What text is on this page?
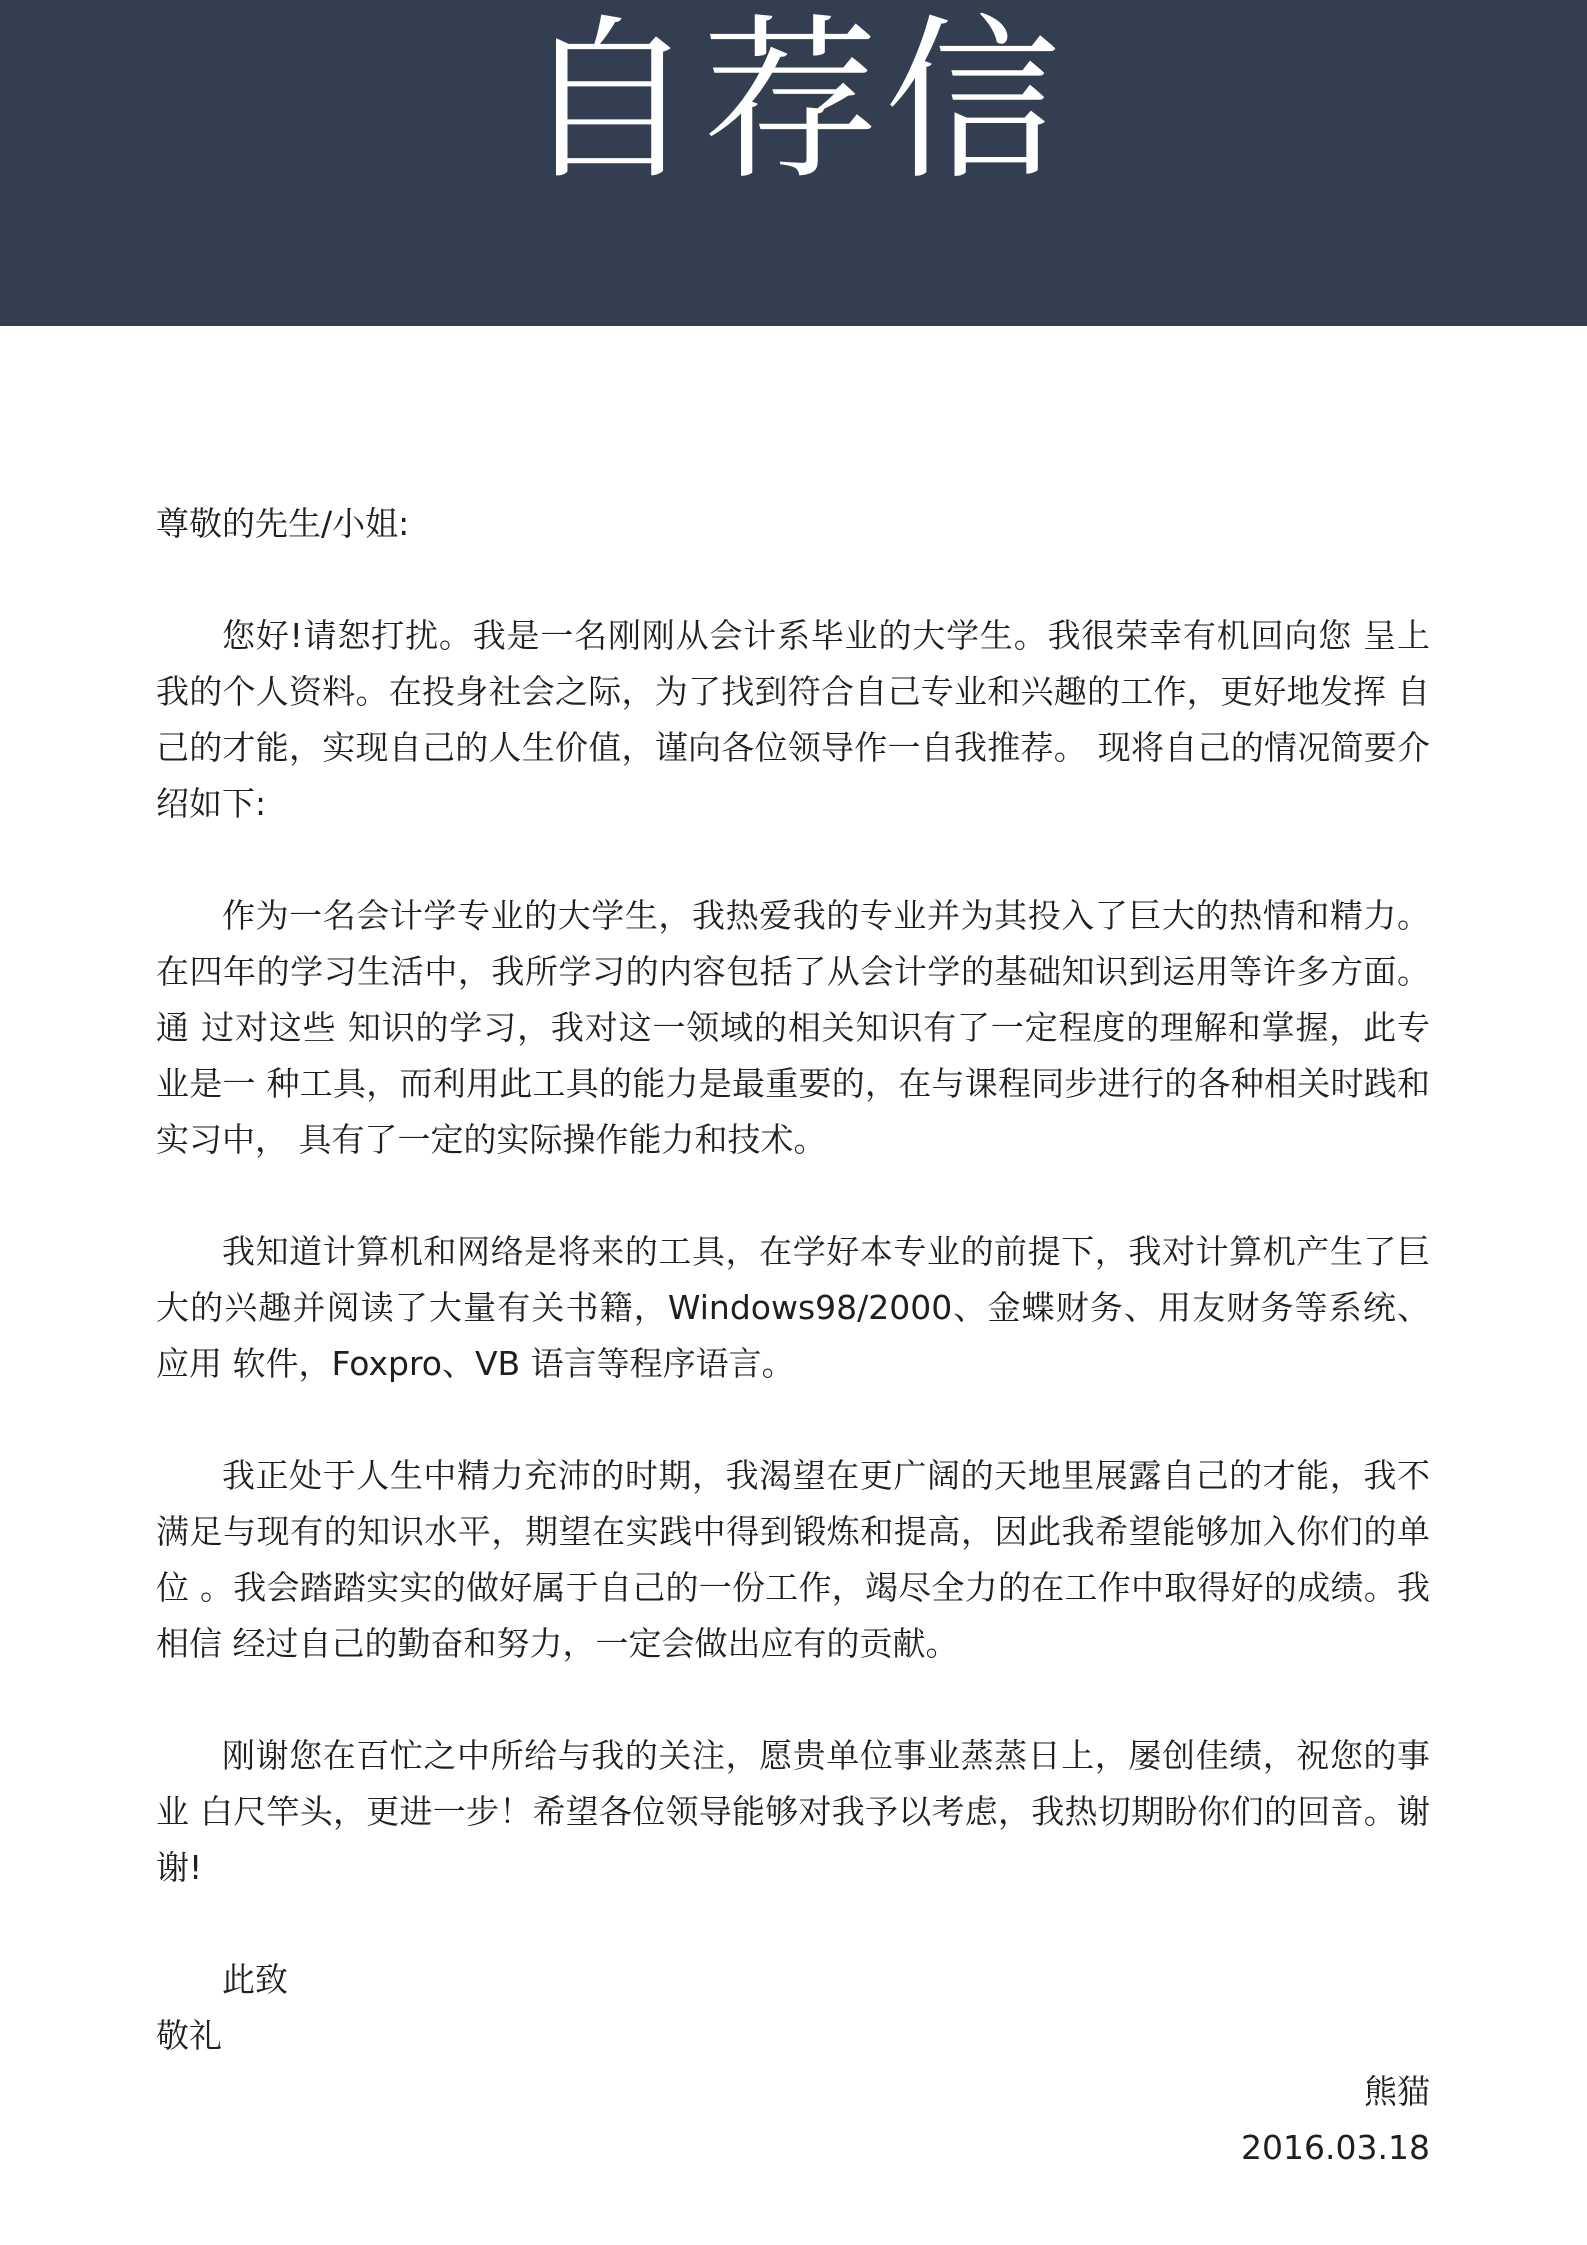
自荐信

尊敬的先生/小姐:

您好!请恕打扰。我是一名刚刚从会计系毕业的大学生。我很荣幸有机回向您 呈上我的个人资料。在投身社会之际，为了找到符合自己专业和兴趣的工作，更好地发挥 自己的才能，实现自己的人生价值，谨向各位领导作一自我推荐。 现将自己的情况简要介绍如下:

作为一名会计学专业的大学生，我热爱我的专业并为其投入了巨大的热情和精力。 在四年的学习生活中，我所学习的内容包括了从会计学的基础知识到运用等许多方面。通 过对这些 知识的学习，我对这一领域的相关知识有了一定程度的理解和掌握，此专业是一 种工具，而利用此工具的能力是最重要的，在与课程同步进行的各种相关时践和实习中， 具有了一定的实际操作能力和技术。

我知道计算机和网络是将来的工具，在学好本专业的前提下，我对计算机产生了巨 大的兴趣并阅读了大量有关书籍，Windows98/2000、金蝶财务、用友财务等系统、应用 软件，Foxpro、VB 语言等程序语言。

我正处于人生中精力充沛的时期，我渴望在更广阔的天地里展露自己的才能，我不 满足与现有的知识水平，期望在实践中得到锻炼和提高，因此我希望能够加入你们的单位 。我会踏踏实实的做好属于自己的一份工作，竭尽全力的在工作中取得好的成绩。我相信 经过自己的勤奋和努力，一定会做出应有的贡献。

刚谢您在百忙之中所给与我的关注，愿贵单位事业蒸蒸日上，屡创佳绩，祝您的事业 白尺竿头，更进一步！希望各位领导能够对我予以考虑，我热切期盼你们的回音。谢谢!

此致

敬礼

熊猫

2016.03.18
